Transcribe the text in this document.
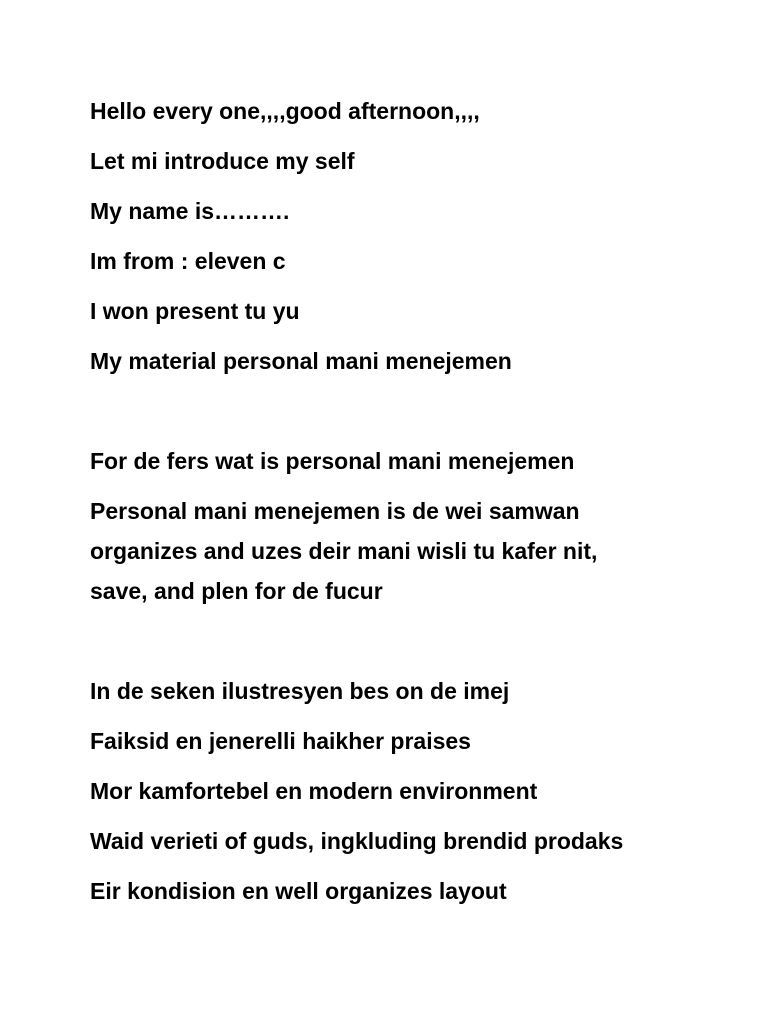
Hello every one,,,,good afternoon,,,,

Let mi introduce my self

My name is……….

Im from : eleven c

I won present tu yu

My material personal mani menejemen

For de fers wat is personal mani menejemen

Personal mani menejemen is de wei samwan
organizes and uzes deir mani wisli tu kafer nit,
save, and plen for de fucur

In de seken ilustresyen bes on de imej

Faiksid en jenerelli haikher praises

Mor kamfortebel en modern environment

Waid verieti of guds, ingkluding brendid prodaks

Eir kondision en well organizes layout
